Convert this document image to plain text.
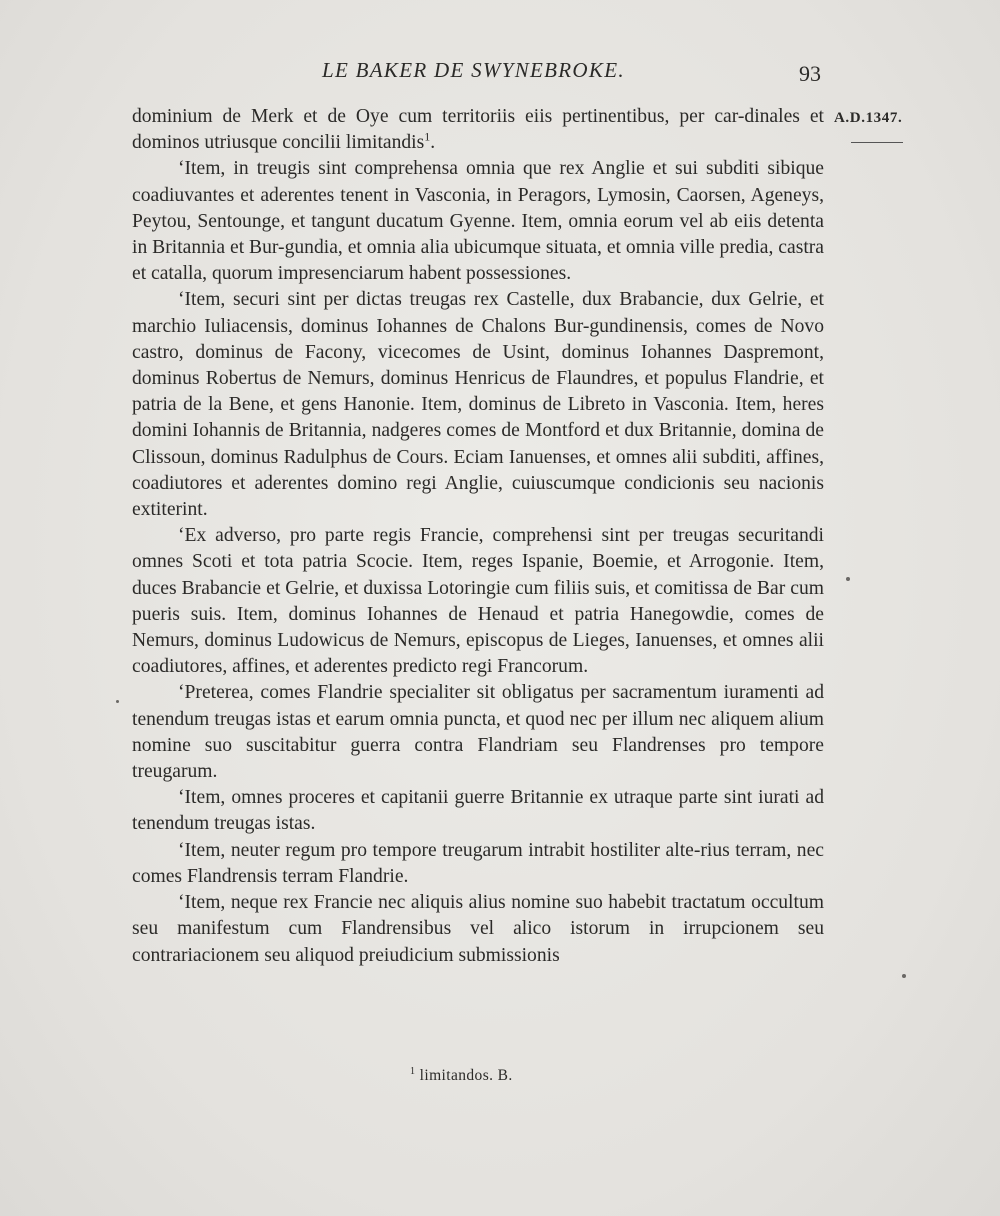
LE BAKER DE SWYNEBROKE.	93
A.D.1347.

dominium de Merk et de Oye cum territoriis eiis pertinentibus, per car-dinales et dominos utriusque concilii limitandis$^1$.

‘Item, in treugis sint comprehensa omnia que rex Anglie et sui subditi sibique coadiuvantes et aderentes tenent in Vasconia, in Peragors, Lymosin, Caorsen, Ageneys, Peytou, Sentounge, et tangunt ducatum Gyenne. Item, omnia eorum vel ab eiis detenta in Britannia et Bur-gundia, et omnia alia ubicumque situata, et omnia ville predia, castra et catalla, quorum impresenciarum habent possessiones.

‘Item, securi sint per dictas treugas rex Castelle, dux Brabancie, dux Gelrie, et marchio Iuliacensis, dominus Iohannes de Chalons Bur-gundinensis, comes de Novo castro, dominus de Facony, vicecomes de Usint, dominus Iohannes Daspremont, dominus Robertus de Nemurs, dominus Henricus de Flaundres, et populus Flandrie, et patria de la Bene, et gens Hanonie. Item, dominus de Libreto in Vasconia. Item, heres domini Iohannis de Britannia, nadgeres comes de Montford et dux Britannie, domina de Clissoun, dominus Radulphus de Cours. Eciam Ianuenses, et omnes alii subditi, affines, coadiutores et aderentes domino regi Anglie, cuiuscumque condicionis seu nacionis extiterint.

‘Ex adverso, pro parte regis Francie, comprehensi sint per treugas securitandi omnes Scoti et tota patria Scocie. Item, reges Ispanie, Boemie, et Arrogonie. Item, duces Brabancie et Gelrie, et duxissa Lotoringie cum filiis suis, et comitissa de Bar cum pueris suis. Item, dominus Iohannes de Henaud et patria Hanegowdie, comes de Nemurs, dominus Ludowicus de Nemurs, episcopus de Lieges, Ianuenses, et omnes alii coadiutores, affines, et aderentes predicto regi Francorum.

‘Preterea, comes Flandrie specialiter sit obligatus per sacramentum iuramenti ad tenendum treugas istas et earum omnia puncta, et quod nec per illum nec aliquem alium nomine suo suscitabitur guerra contra Flandriam seu Flandrenses pro tempore treugarum.

‘Item, omnes proceres et capitanii guerre Britannie ex utraque parte sint iurati ad tenendum treugas istas.

‘Item, neuter regum pro tempore treugarum intrabit hostiliter alte-rius terram, nec comes Flandrensis terram Flandrie.

‘Item, neque rex Francie nec aliquis alius nomine suo habebit tractatum occultum seu manifestum cum Flandrensibus vel alico istorum in irrupcionem seu contrariacionem seu aliquod preiudicium submissionis

$^1$ limitandos. B.
